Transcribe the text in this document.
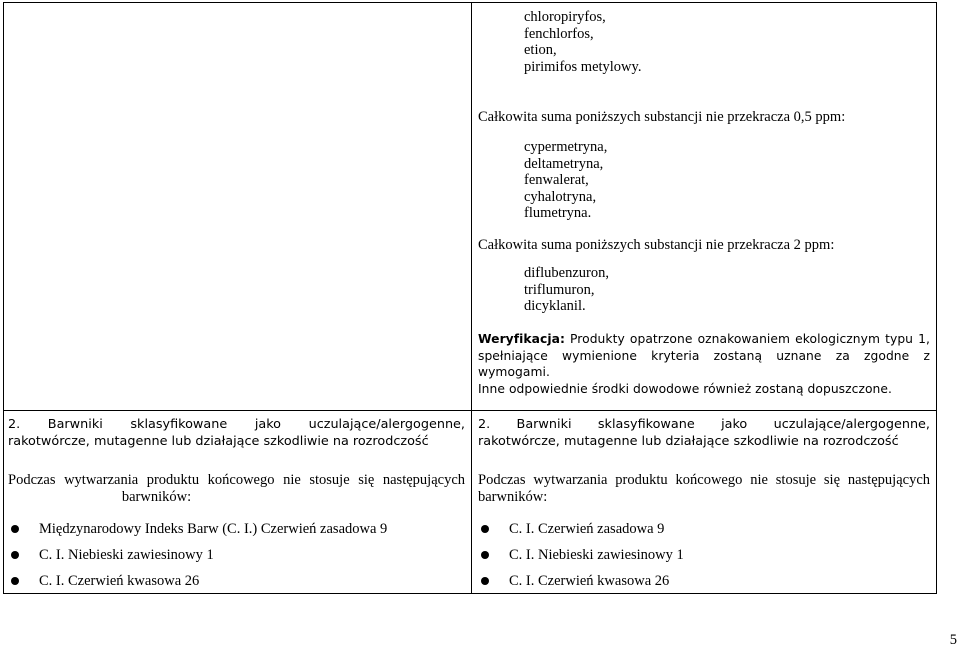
chloropiryfos,
fenchlorfos,
etion,
pirimifos metylowy.

Całkowita suma poniższych substancji nie przekracza 0,5 ppm:

cypermetryna,
deltametryna,
fenwalerat,
cyhalotryna,
flumetryna.

Całkowita suma poniższych substancji nie przekracza 2 ppm:

diflubenzuron,
triflumuron,
dicyklanil.
Weryfikacja: Produkty opatrzone oznakowaniem ekologicznym typu 1,
spełniające wymienione kryteria zostaną uznane za zgodne z wymogami.
Inne odpowiednie środki dowodowe również zostaną dopuszczone.
2. Barwniki sklasyfikowane jako uczulające/alergogenne,
rakotwórcze, mutagenne lub działające szkodliwie na rozrodczość
Podczas wytwarzania produktu końcowego nie stosuje się następujących
barwników:
Międzynarodowy Indeks Barw (C. I.) Czerwień zasadowa 9
C. I. Niebieski zawiesinowy 1
C. I. Czerwień kwasowa 26
2. Barwniki sklasyfikowane jako uczulające/alergogenne,
rakotwórcze, mutagenne lub działające szkodliwie na rozrodczość
Podczas wytwarzania produktu końcowego nie stosuje się następujących
barwników:
C. I. Czerwień zasadowa 9
C. I. Niebieski zawiesinowy 1
C. I. Czerwień kwasowa 26
5
